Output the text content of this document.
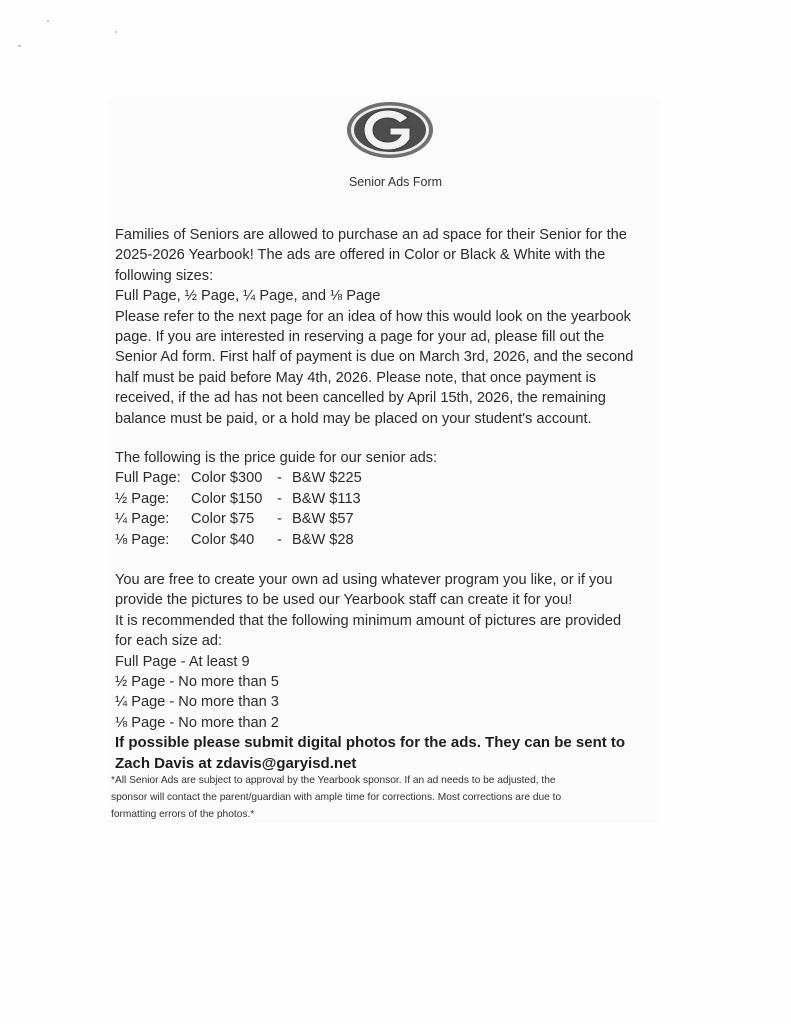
Senior Ads Form
Families of Seniors are allowed to purchase an ad space for their Senior for the
2025-2026 Yearbook! The ads are offered in Color or Black & White with the
following sizes:
Full Page, ½ Page, ¼ Page, and ⅛ Page
Please refer to the next page for an idea of how this would look on the yearbook
page. If you are interested in reserving a page for your ad, please fill out the
Senior Ad form. First half of payment is due on March 3rd, 2026, and the second
half must be paid before May 4th, 2026. Please note, that once payment is
received, if the ad has not been cancelled by April 15th, 2026, the remaining
balance must be paid, or a hold may be placed on your student's account.
The following is the price guide for our senior ads:
Full Page: Color $300 - B&W $225
½ Page: Color $150 - B&W $113
¼ Page: Color $75 - B&W $57
⅛ Page: Color $40 - B&W $28
You are free to create your own ad using whatever program you like, or if you
provide the pictures to be used our Yearbook staff can create it for you!
It is recommended that the following minimum amount of pictures are provided
for each size ad:
Full Page - At least 9
½ Page - No more than 5
¼ Page - No more than 3
⅛ Page - No more than 2
If possible please submit digital photos for the ads. They can be sent to
Zach Davis at zdavis@garyisd.net
*All Senior Ads are subject to approval by the Yearbook sponsor. If an ad needs to be adjusted, the
sponsor will contact the parent/guardian with ample time for corrections. Most corrections are due to
formatting errors of the photos.*
